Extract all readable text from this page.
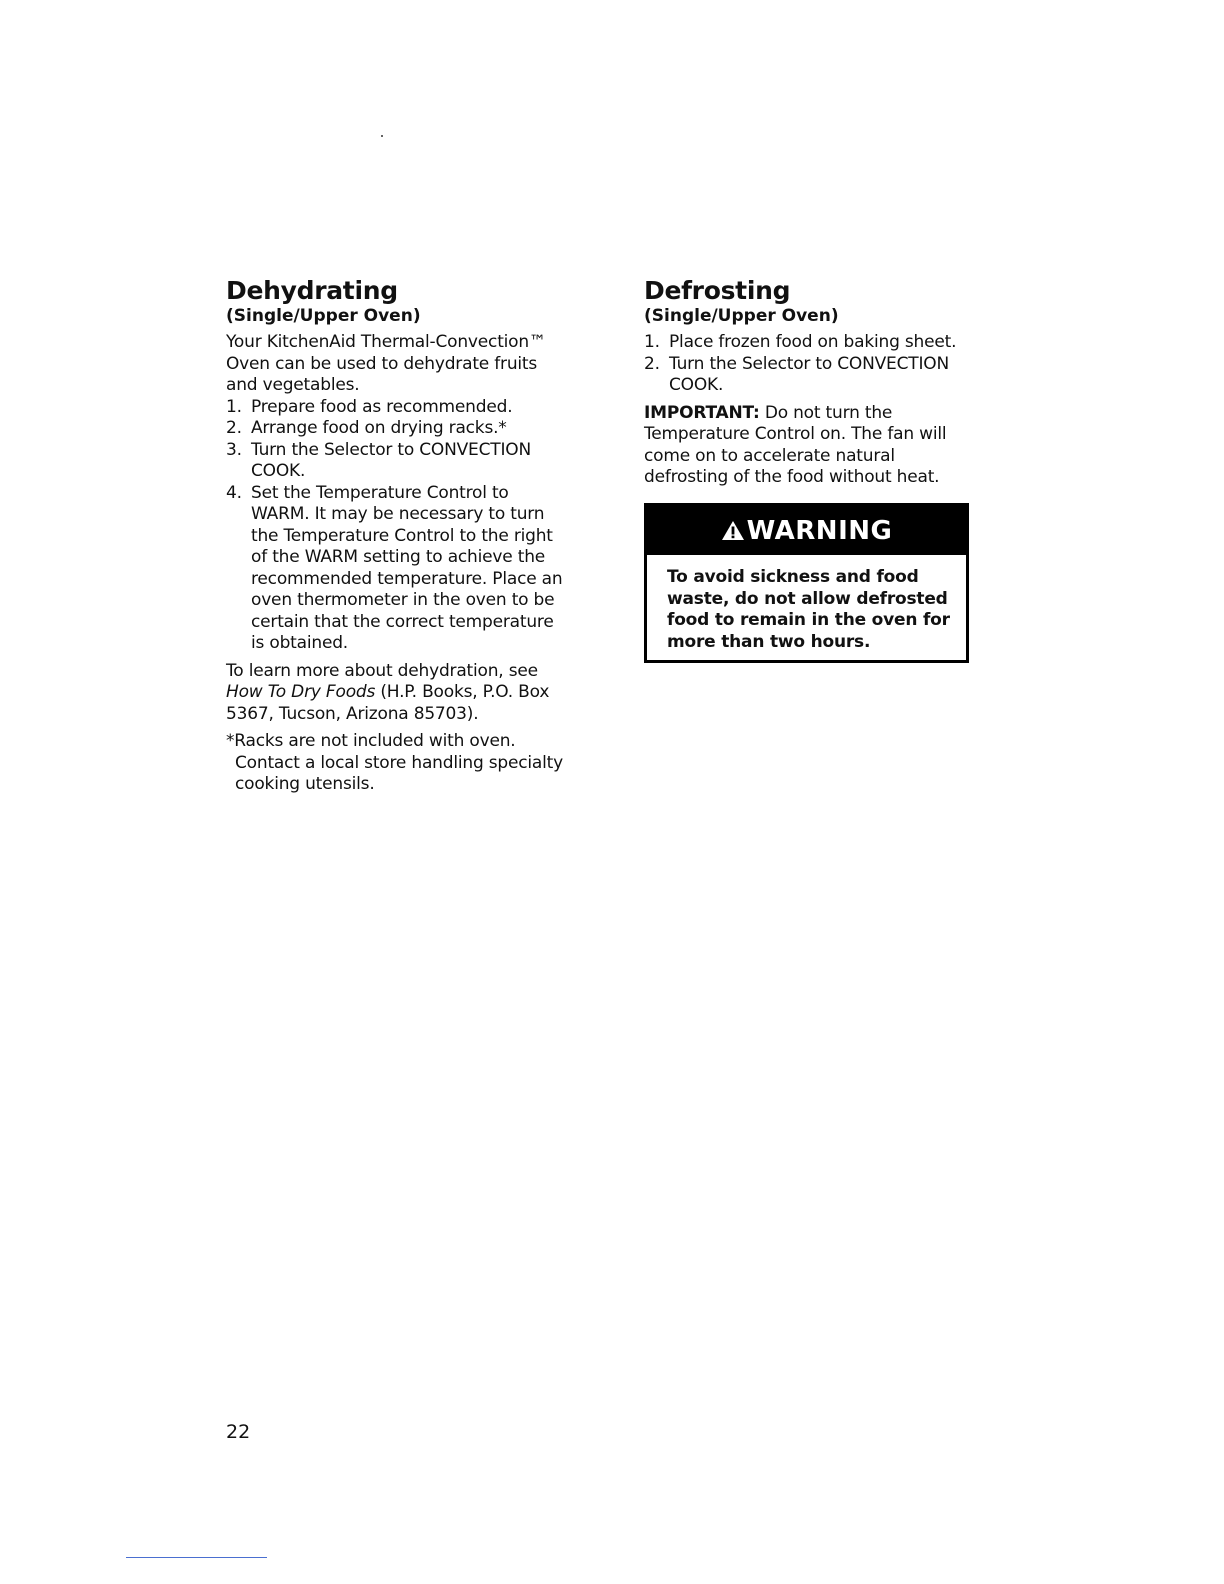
Dehydrating
(Single/Upper Oven)

Your KitchenAid Thermal-Convection™ Oven can be used to dehydrate fruits and vegetables.

1. Prepare food as recommended.
2. Arrange food on drying racks.*
3. Turn the Selector to CONVECTION COOK.
4. Set the Temperature Control to WARM. It may be necessary to turn the Temperature Control to the right of the WARM setting to achieve the recommended temperature. Place an oven thermometer in the oven to be certain that the correct temperature is obtained.

To learn more about dehydration, see How To Dry Foods (H.P. Books, P.O. Box 5367, Tucson, Arizona 85703).

*Racks are not included with oven. Contact a local store handling specialty cooking utensils.

Defrosting
(Single/Upper Oven)
1. Place frozen food on baking sheet.
2. Turn the Selector to CONVECTION COOK.

IMPORTANT: Do not turn the Temperature Control on. The fan will come on to accelerate natural defrosting of the food without heat.

WARNING
To avoid sickness and food waste, do not allow defrosted food to remain in the oven for more than two hours.
22
